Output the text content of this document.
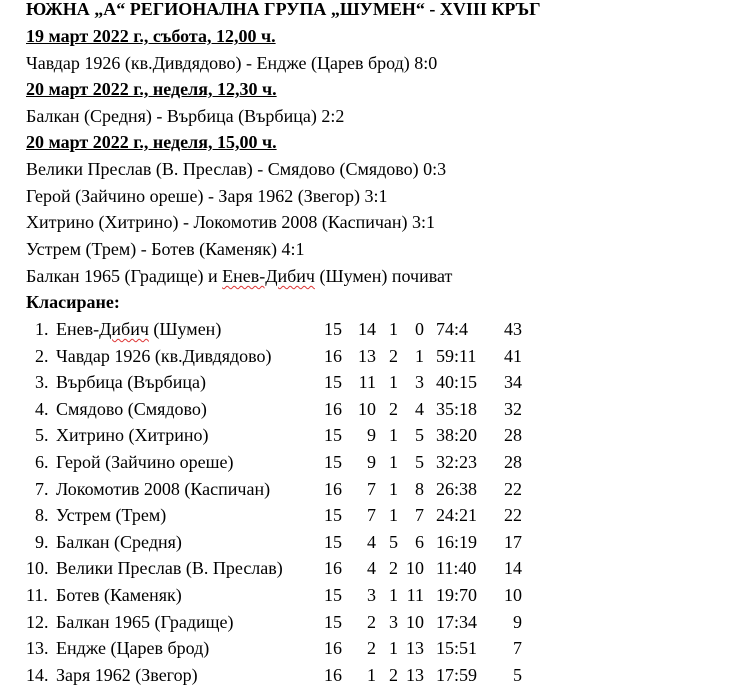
ЮЖНА „А“ РЕГИОНАЛНА ГРУПА „ШУМЕН“ - XVIII КРЪГ
19 март 2022 г., събота, 12,00 ч.
Чавдар 1926 (кв.Дивдядово) - Ендже (Царев брод) 8:0
20 март 2022 г., неделя, 12,30 ч.
Балкан (Средня) - Върбица (Върбица) 2:2
20 март 2022 г., неделя, 15,00 ч.
Велики Преслав (В. Преслав) - Смядово (Смядово) 0:3
Герой (Зайчино ореше) - Заря 1962 (Звегор) 3:1
Хитрино (Хитрино) - Локомотив 2008 (Каспичан) 3:1
Устрем (Трем) - Ботев (Каменяк) 4:1
Балкан 1965 (Градище) и Енев-Дибич (Шумен) почиват
Класиране:
1. Енев-Дибич (Шумен)	15 14 1 0 74:4	43
2. Чавдар 1926 (кв.Дивдядово)	16 13 2 1 59:11	41
3. Върбица (Върбица)	15 11 1 3 40:15	34
4. Смядово (Смядово)	16 10 2 4 35:18	32
5. Хитрино (Хитрино)	15	9 1 5 38:20	28
6. Герой (Зайчино ореше)	15	9 1 5 32:23	28
7. Локомотив 2008 (Каспичан)	16	7 1 8 26:38	22
8. Устрем (Трем)	15	7 1 7 24:21	22
9. Балкан (Средня)	15	4 5 6 16:19	17
10. Велики Преслав (В. Преслав)	16	4 2 10 11:40	14
11. Ботев (Каменяк)	15	3 1 11 19:70	10
12. Балкан 1965 (Градище)	15	2 3 10 17:34	9
13. Ендже (Царев брод)	16	2 1 13 15:51	7
14. Заря 1962 (Звегор)	16	1 2 13 17:59	5
